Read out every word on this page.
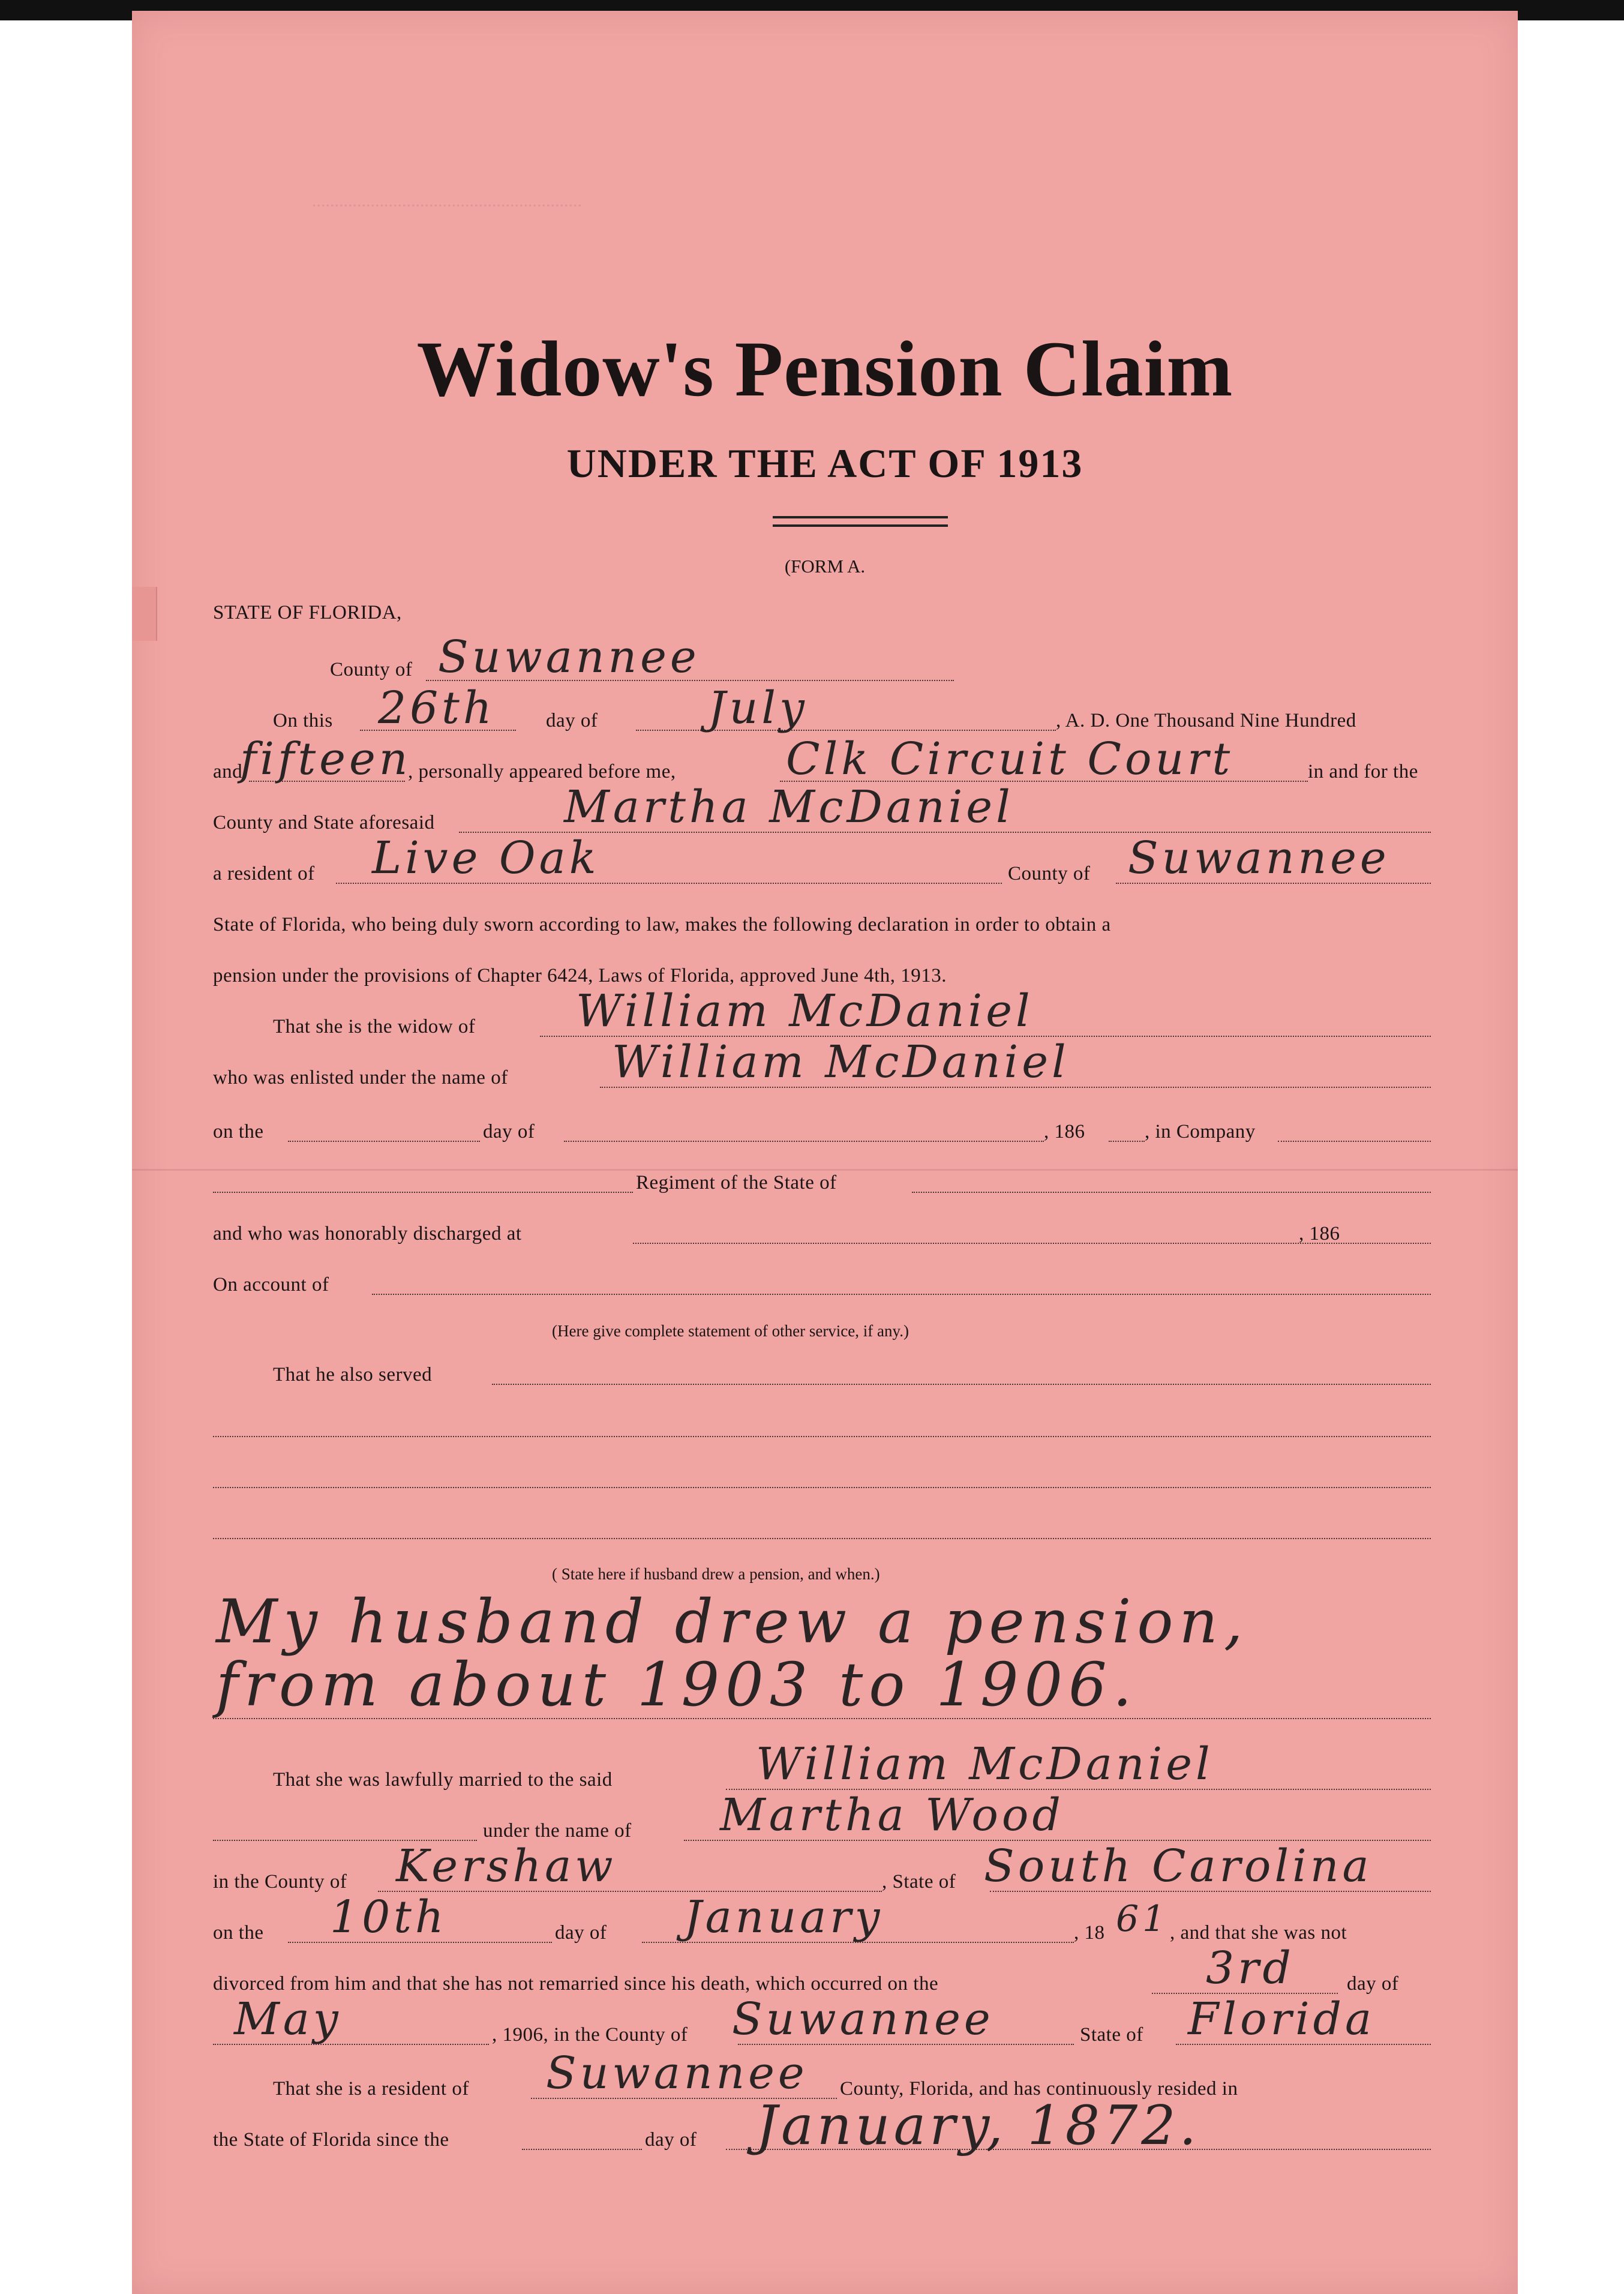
............................................................
Widow's Pension Claim
UNDER THE ACT OF 1913
(FORM A.
STATE OF FLORIDA,
County of Suwannee
On this 26th	day of July	, A. D. One Thousand Nine Hundred
and
fifteen
, personally appeared before me, Clk Circuit Court	in and for the
County and State aforesaid	Martha McDaniel
a resident of Live Oak	County of Suwannee
State of Florida, who being duly sworn according to law, makes the following declaration in order to obtain a
pension under the provisions of Chapter 6424, Laws of Florida, approved June 4th, 1913.
That she is the widow of William McDaniel
who was enlisted under the name of William McDaniel
on the	day of	, 186	, in Company
Regiment of the State of
and who was honorably discharged at	, 186
On account of
(Here give complete statement of other service, if any.)
That he also served
( State here if husband drew a pension, and when.)
My husband drew a pension,
from about 1903 to 1906.
That she was lawfully married to the said	William McDaniel
under the name of Martha Wood
in the County of Kershaw	, State of South Carolina
on the 10th	day of January	, 18 61 , and that she was not
divorced from him and that she has not remarried since his death, which occurred on the	3rd	day of
May	, 1906, in the County of Suwannee	State of Florida
That she is a resident of Suwannee County, Florida, and has continuously resided in
the State of Florida since the	day of January, 1872.
